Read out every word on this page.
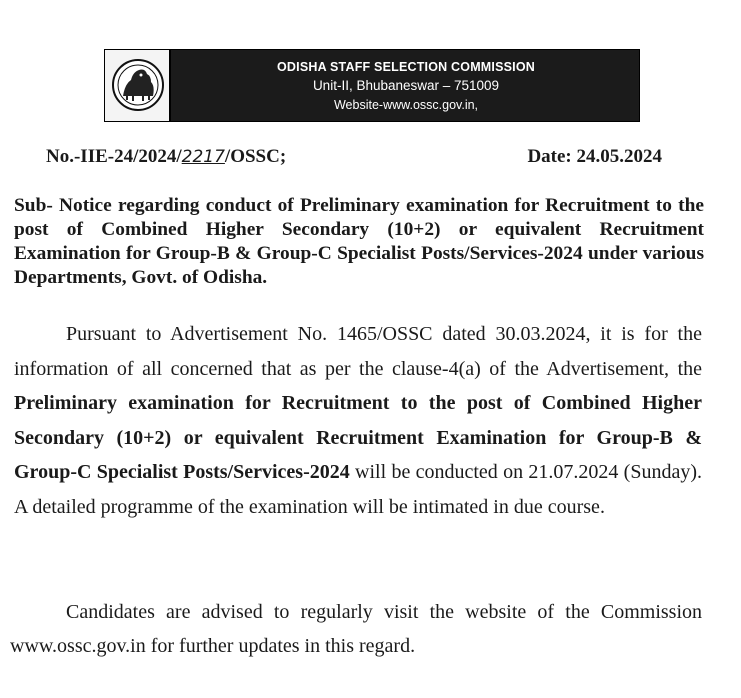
ODISHA STAFF SELECTION COMMISSION
Unit-II, Bhubaneswar – 751009
Website-www.ossc.gov.in,
No.-IIE-24/2024/2217/OSSC;	Date: 24.05.2024
Sub- Notice regarding conduct of Preliminary examination for Recruitment to the post of Combined Higher Secondary (10+2) or equivalent Recruitment Examination for Group-B & Group-C Specialist Posts/Services-2024 under various Departments, Govt. of Odisha.
Pursuant to Advertisement No. 1465/OSSC dated 30.03.2024, it is for the information of all concerned that as per the clause-4(a) of the Advertisement, the Preliminary examination for Recruitment to the post of Combined Higher Secondary (10+2) or equivalent Recruitment Examination for Group-B & Group-C Specialist Posts/Services-2024 will be conducted on 21.07.2024 (Sunday). A detailed programme of the examination will be intimated in due course.
Candidates are advised to regularly visit the website of the Commission www.ossc.gov.in for further updates in this regard.
